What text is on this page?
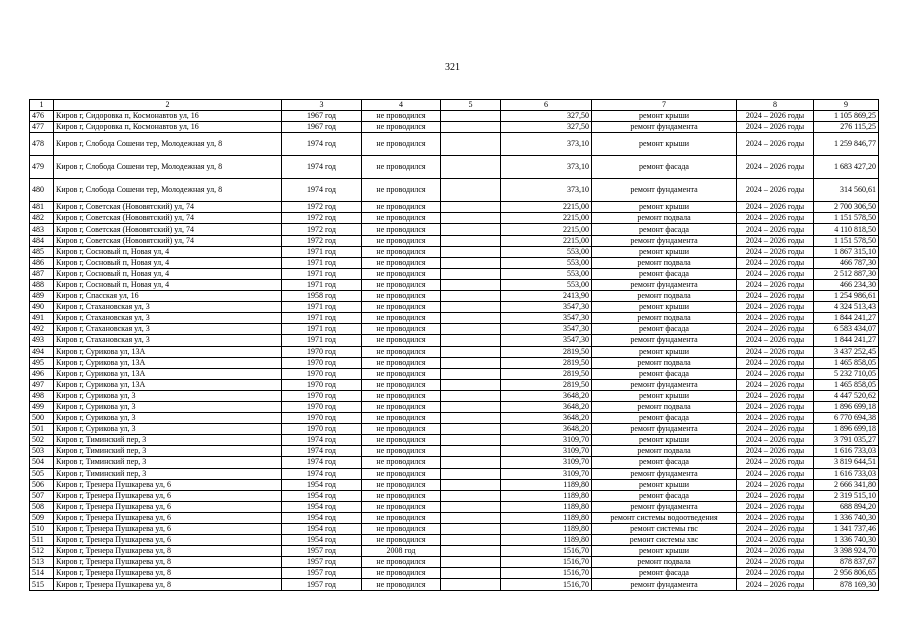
321
1	2	3	4	5	6	7	8	9
476	Киров г, Сидоровка п, Космонавтов ул, 16	1967 год	не проводился		327,50	ремонт крыши	2024 – 2026 годы	1 105 869,25
477	Киров г, Сидоровка п, Космонавтов ул, 16	1967 год	не проводился		327,50	ремонт фундамента	2024 – 2026 годы	276 115,25
478	Киров г, Слобода Сошени тер, Молодежная ул, 8	1974 год	не проводился		373,10	ремонт крыши	2024 – 2026 годы	1 259 846,77
479	Киров г, Слобода Сошени тер, Молодежная ул, 8	1974 год	не проводился		373,10	ремонт фасада	2024 – 2026 годы	1 683 427,20
480	Киров г, Слобода Сошени тер, Молодежная ул, 8	1974 год	не проводился		373,10	ремонт фундамента	2024 – 2026 годы	314 560,61
481	Киров г, Советская (Нововятский) ул, 74	1972 год	не проводился		2215,00	ремонт крыши	2024 – 2026 годы	2 700 306,50
482	Киров г, Советская (Нововятский) ул, 74	1972 год	не проводился		2215,00	ремонт подвала	2024 – 2026 годы	1 151 578,50
483	Киров г, Советская (Нововятский) ул, 74	1972 год	не проводился		2215,00	ремонт фасада	2024 – 2026 годы	4 110 818,50
484	Киров г, Советская (Нововятский) ул, 74	1972 год	не проводился		2215,00	ремонт фундамента	2024 – 2026 годы	1 151 578,50
485	Киров г, Сосновый п, Новая ул, 4	1971 год	не проводился		553,00	ремонт крыши	2024 – 2026 годы	1 867 315,10
486	Киров г, Сосновый п, Новая ул, 4	1971 год	не проводился		553,00	ремонт подвала	2024 – 2026 годы	466 787,30
487	Киров г, Сосновый п, Новая ул, 4	1971 год	не проводился		553,00	ремонт фасада	2024 – 2026 годы	2 512 887,30
488	Киров г, Сосновый п, Новая ул, 4	1971 год	не проводился		553,00	ремонт фундамента	2024 – 2026 годы	466 234,30
489	Киров г, Спасская ул, 16	1958 год	не проводился		2413,90	ремонт подвала	2024 – 2026 годы	1 254 986,61
490	Киров г, Стахановская ул, 3	1971 год	не проводился		3547,30	ремонт крыши	2024 – 2026 годы	4 324 513,43
491	Киров г, Стахановская ул, 3	1971 год	не проводился		3547,30	ремонт подвала	2024 – 2026 годы	1 844 241,27
492	Киров г, Стахановская ул, 3	1971 год	не проводился		3547,30	ремонт фасада	2024 – 2026 годы	6 583 434,07
493	Киров г, Стахановская ул, 3	1971 год	не проводился		3547,30	ремонт фундамента	2024 – 2026 годы	1 844 241,27
494	Киров г, Сурикова ул, 13А	1970 год	не проводился		2819,50	ремонт крыши	2024 – 2026 годы	3 437 252,45
495	Киров г, Сурикова ул, 13А	1970 год	не проводился		2819,50	ремонт подвала	2024 – 2026 годы	1 465 858,05
496	Киров г, Сурикова ул, 13А	1970 год	не проводился		2819,50	ремонт фасада	2024 – 2026 годы	5 232 710,05
497	Киров г, Сурикова ул, 13А	1970 год	не проводился		2819,50	ремонт фундамента	2024 – 2026 годы	1 465 858,05
498	Киров г, Сурикова ул, 3	1970 год	не проводился		3648,20	ремонт крыши	2024 – 2026 годы	4 447 520,62
499	Киров г, Сурикова ул, 3	1970 год	не проводился		3648,20	ремонт подвала	2024 – 2026 годы	1 896 699,18
500	Киров г, Сурикова ул, 3	1970 год	не проводился		3648,20	ремонт фасада	2024 – 2026 годы	6 770 694,38
501	Киров г, Сурикова ул, 3	1970 год	не проводился		3648,20	ремонт фундамента	2024 – 2026 годы	1 896 699,18
502	Киров г, Тиминский пер, 3	1974 год	не проводился		3109,70	ремонт крыши	2024 – 2026 годы	3 791 035,27
503	Киров г, Тиминский пер, 3	1974 год	не проводился		3109,70	ремонт подвала	2024 – 2026 годы	1 616 733,03
504	Киров г, Тиминский пер, 3	1974 год	не проводился		3109,70	ремонт фасада	2024 – 2026 годы	3 819 644,51
505	Киров г, Тиминский пер, 3	1974 год	не проводился		3109,70	ремонт фундамента	2024 – 2026 годы	1 616 733,03
506	Киров г, Тренера Пушкарева ул, 6	1954 год	не проводился		1189,80	ремонт крыши	2024 – 2026 годы	2 666 341,80
507	Киров г, Тренера Пушкарева ул, 6	1954 год	не проводился		1189,80	ремонт фасада	2024 – 2026 годы	2 319 515,10
508	Киров г, Тренера Пушкарева ул, 6	1954 год	не проводился		1189,80	ремонт фундамента	2024 – 2026 годы	688 894,20
509	Киров г, Тренера Пушкарева ул, 6	1954 год	не проводился		1189,80	ремонт системы водоотведения	2024 – 2026 годы	1 336 740,30
510	Киров г, Тренера Пушкарева ул, 6	1954 год	не проводился		1189,80	ремонт системы гвс	2024 – 2026 годы	1 341 737,46
511	Киров г, Тренера Пушкарева ул, 6	1954 год	не проводился		1189,80	ремонт системы хвс	2024 – 2026 годы	1 336 740,30
512	Киров г, Тренера Пушкарева ул, 8	1957 год	2008 год		1516,70	ремонт крыши	2024 – 2026 годы	3 398 924,70
513	Киров г, Тренера Пушкарева ул, 8	1957 год	не проводился		1516,70	ремонт подвала	2024 – 2026 годы	878 837,67
514	Киров г, Тренера Пушкарева ул, 8	1957 год	не проводился		1516,70	ремонт фасада	2024 – 2026 годы	2 956 806,65
515	Киров г, Тренера Пушкарева ул, 8	1957 год	не проводился		1516,70	ремонт фундамента	2024 – 2026 годы	878 169,30
